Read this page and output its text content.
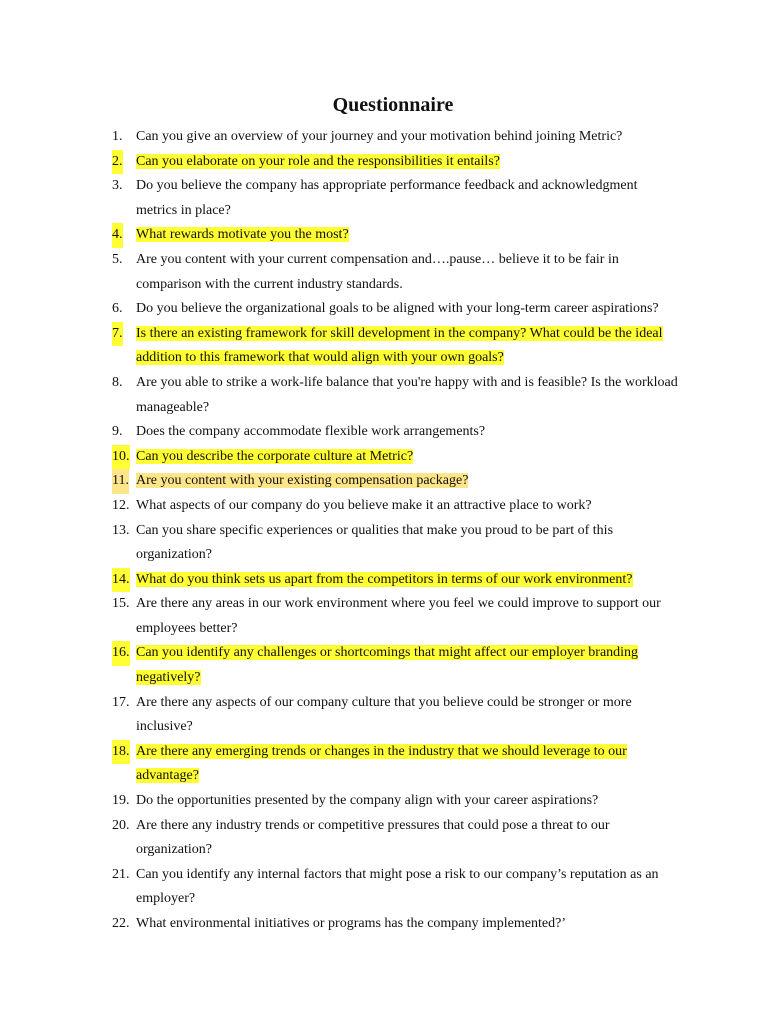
Questionnaire
1. Can you give an overview of your journey and your motivation behind joining Metric?
2. Can you elaborate on your role and the responsibilities it entails?
3. Do you believe the company has appropriate performance feedback and acknowledgment metrics in place?
4. What rewards motivate you the most?
5. Are you content with your current compensation and….pause… believe it to be fair in comparison with the current industry standards.
6. Do you believe the organizational goals to be aligned with your long-term career aspirations?
7. Is there an existing framework for skill development in the company? What could be the ideal addition to this framework that would align with your own goals?
8. Are you able to strike a work-life balance that you're happy with and is feasible? Is the workload manageable?
9. Does the company accommodate flexible work arrangements?
10. Can you describe the corporate culture at Metric?
11. Are you content with your existing compensation package?
12. What aspects of our company do you believe make it an attractive place to work?
13. Can you share specific experiences or qualities that make you proud to be part of this organization?
14. What do you think sets us apart from the competitors in terms of our work environment?
15. Are there any areas in our work environment where you feel we could improve to support our employees better?
16. Can you identify any challenges or shortcomings that might affect our employer branding negatively?
17. Are there any aspects of our company culture that you believe could be stronger or more inclusive?
18. Are there any emerging trends or changes in the industry that we should leverage to our advantage?
19. Do the opportunities presented by the company align with your career aspirations?
20. Are there any industry trends or competitive pressures that could pose a threat to our organization?
21. Can you identify any internal factors that might pose a risk to our company’s reputation as an employer?
22. What environmental initiatives or programs has the company implemented?’
